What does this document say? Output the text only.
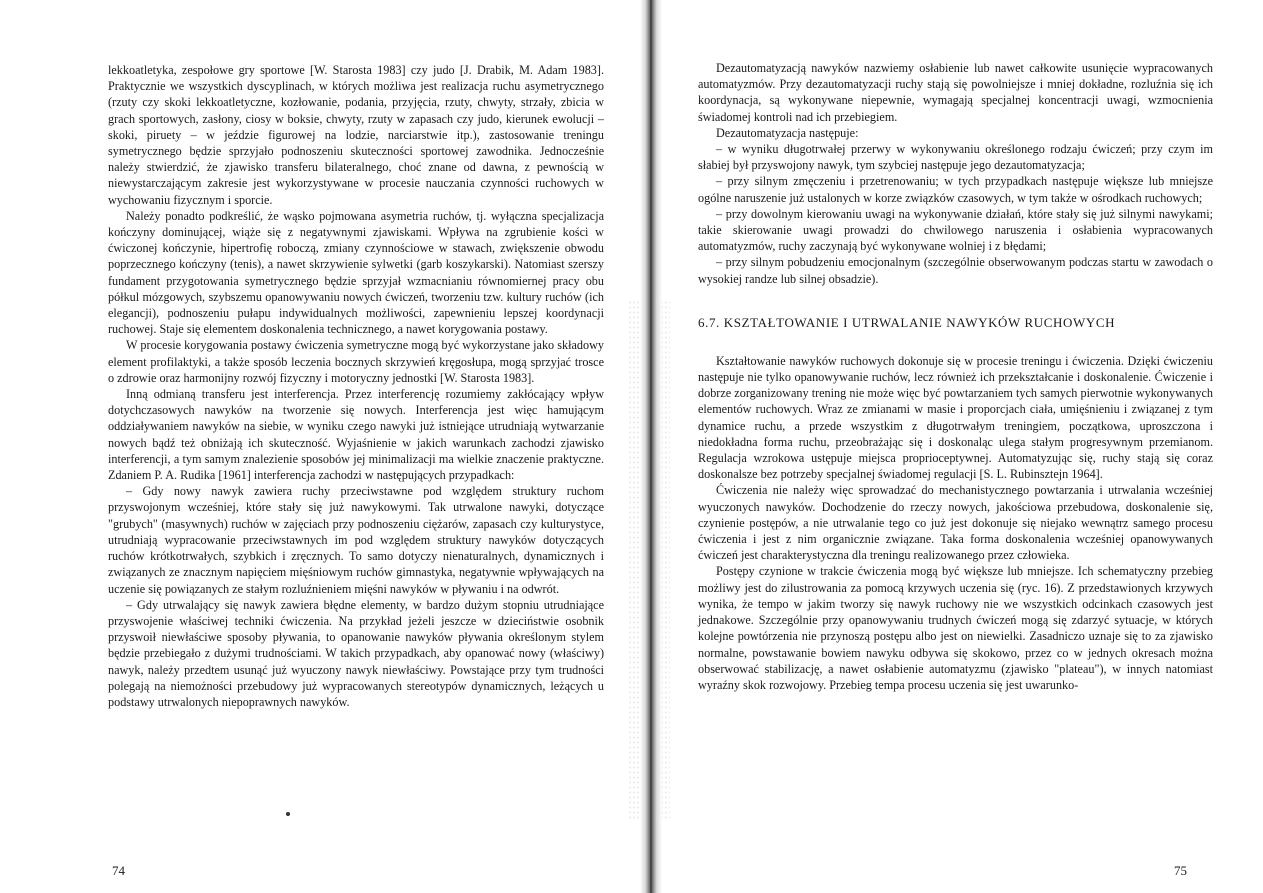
lekkoatletyka, zespołowe gry sportowe [W. Starosta 1983] czy judo [J. Drabik, M. Adam 1983]. Praktycznie we wszystkich dyscyplinach, w których możliwa jest realizacja ruchu asymetrycznego (rzuty czy skoki lekkoatletyczne, kozłowanie, podania, przyjęcia, rzuty, chwyty, strzały, zbicia w grach sportowych, zasłony, ciosy w boksie, chwyty, rzuty w zapasach czy judo, kierunek ewolucji – skoki, piruety – w jeździe figurowej na lodzie, narciarstwie itp.), zastosowanie treningu symetrycznego będzie sprzyjało podnoszeniu skuteczności sportowej zawodnika. Jednocześnie należy stwierdzić, że zjawisko transferu bilateralnego, choć znane od dawna, z pewnością w niewystarczającym zakresie jest wykorzystywane w procesie nauczania czynności ruchowych w wychowaniu fizycznym i sporcie.

Należy ponadto podkreślić, że wąsko pojmowana asymetria ruchów, tj. wyłączna specjalizacja kończyny dominującej, wiąże się z negatywnymi zjawiskami. Wpływa na zgrubienie kości w ćwiczonej kończynie, hipertrofię roboczą, zmiany czynnościowe w stawach, zwiększenie obwodu poprzecznego kończyny (tenis), a nawet skrzywienie sylwetki (garb koszykarski). Natomiast szerszy fundament przygotowania symetrycznego będzie sprzyjał wzmacnianiu równomiernej pracy obu półkul mózgowych, szybszemu opanowywaniu nowych ćwiczeń, tworzeniu tzw. kultury ruchów (ich elegancji), podnoszeniu pułapu indywidualnych możliwości, zapewnieniu lepszej koordynacji ruchowej. Staje się elementem doskonalenia technicznego, a nawet korygowania postawy.

W procesie korygowania postawy ćwiczenia symetryczne mogą być wykorzystane jako składowy element profilaktyki, a także sposób leczenia bocznych skrzywień kręgosłupa, mogą sprzyjać trosce o zdrowie oraz harmonijny rozwój fizyczny i motoryczny jednostki [W. Starosta 1983].

Inną odmianą transferu jest interferencja. Przez interferencję rozumiemy zakłócający wpływ dotychczasowych nawyków na tworzenie się nowych. Interferencja jest więc hamującym oddziaływaniem nawyków na siebie, w wyniku czego nawyki już istniejące utrudniają wytwarzanie nowych bądź też obniżają ich skuteczność. Wyjaśnienie w jakich warunkach zachodzi zjawisko interferencji, a tym samym znalezienie sposobów jej minimalizacji ma wielkie znaczenie praktyczne. Zdaniem P. A. Rudika [1961] interferencja zachodzi w następujących przypadkach:

– Gdy nowy nawyk zawiera ruchy przeciwstawne pod względem struktury ruchom przyswojonym wcześniej, które stały się już nawykowymi. Tak utrwalone nawyki, dotyczące "grubych" (masywnych) ruchów w zajęciach przy podnoszeniu ciężarów, zapasach czy kulturystyce, utrudniają wypracowanie przeciwstawnych im pod względem struktury nawyków dotyczących ruchów krótkotrwałych, szybkich i zręcznych. To samo dotyczy nienaturalnych, dynamicznych i związanych ze znacznym napięciem mięśniowym ruchów gimnastyka, negatywnie wpływających na uczenie się powiązanych ze stałym rozluźnieniem mięśni nawyków w pływaniu i na odwrót.

– Gdy utrwalający się nawyk zawiera błędne elementy, w bardzo dużym stopniu utrudniające przyswojenie właściwej techniki ćwiczenia. Na przykład jeżeli jeszcze w dzieciństwie osobnik przyswoił niewłaściwe sposoby pływania, to opanowanie nawyków pływania określonym stylem będzie przebiegało z dużymi trudnościami. W takich przypadkach, aby opanować nowy (właściwy) nawyk, należy przedtem usunąć już wyuczony nawyk niewłaściwy. Powstające przy tym trudności polegają na niemożności przebudowy już wypracowanych stereotypów dynamicznych, leżących u podstawy utrwalonych niepoprawnych nawyków.

74

Dezautomatyzacją nawyków nazwiemy osłabienie lub nawet całkowite usunięcie wypracowanych automatyzmów. Przy dezautomatyzacji ruchy stają się powolniejsze i mniej dokładne, rozluźnia się ich koordynacja, są wykonywane niepewnie, wymagają specjalnej koncentracji uwagi, wzmocnienia świadomej kontroli nad ich przebiegiem.

Dezautomatyzacja następuje:

– w wyniku długotrwałej przerwy w wykonywaniu określonego rodzaju ćwiczeń; przy czym im słabiej był przyswojony nawyk, tym szybciej następuje jego dezautomatyzacja;

– przy silnym zmęczeniu i przetrenowaniu; w tych przypadkach następuje większe lub mniejsze ogólne naruszenie już ustalonych w korze związków czasowych, w tym także w ośrodkach ruchowych;

– przy dowolnym kierowaniu uwagi na wykonywanie działań, które stały się już silnymi nawykami; takie skierowanie uwagi prowadzi do chwilowego naruszenia i osłabienia wypracowanych automatyzmów, ruchy zaczynają być wykonywane wolniej i z błędami;

– przy silnym pobudzeniu emocjonalnym (szczególnie obserwowanym podczas startu w zawodach o wysokiej randze lub silnej obsadzie).

6.7. KSZTAŁTOWANIE I UTRWALANIE NAWYKÓW RUCHOWYCH

Kształtowanie nawyków ruchowych dokonuje się w procesie treningu i ćwiczenia. Dzięki ćwiczeniu następuje nie tylko opanowywanie ruchów, lecz również ich przekształcanie i doskonalenie. Ćwiczenie i dobrze zorganizowany trening nie może więc być powtarzaniem tych samych pierwotnie wykonywanych elementów ruchowych. Wraz ze zmianami w masie i proporcjach ciała, umięśnieniu i związanej z tym dynamice ruchu, a przede wszystkim z długotrwałym treningiem, początkowa, uproszczona i niedokładna forma ruchu, przeobrażając się i doskonaląc ulega stałym progresywnym przemianom. Regulacja wzrokowa ustępuje miejsca proprioceptywnej. Automatyzując się, ruchy stają się coraz doskonalsze bez potrzeby specjalnej świadomej regulacji [S. L. Rubinsztejn 1964].

Ćwiczenia nie należy więc sprowadzać do mechanistycznego powtarzania i utrwalania wcześniej wyuczonych nawyków. Dochodzenie do rzeczy nowych, jakościowa przebudowa, doskonalenie się, czynienie postępów, a nie utrwalanie tego co już jest dokonuje się niejako wewnątrz samego procesu ćwiczenia i jest z nim organicznie związane. Taka forma doskonalenia wcześniej opanowywanych ćwiczeń jest charakterystyczna dla treningu realizowanego przez człowieka.

Postępy czynione w trakcie ćwiczenia mogą być większe lub mniejsze. Ich schematyczny przebieg możliwy jest do zilustrowania za pomocą krzywych uczenia się (ryc. 16). Z przedstawionych krzywych wynika, że tempo w jakim tworzy się nawyk ruchowy nie we wszystkich odcinkach czasowych jest jednakowe. Szczególnie przy opanowywaniu trudnych ćwiczeń mogą się zdarzyć sytuacje, w których kolejne powtórzenia nie przynoszą postępu albo jest on niewielki. Zasadniczo uznaje się to za zjawisko normalne, powstawanie bowiem nawyku odbywa się skokowo, przez co w jednych okresach można obserwować stabilizację, a nawet osłabienie automatyzmu (zjawisko "plateau"), w innych natomiast wyraźny skok rozwojowy. Przebieg tempa procesu uczenia się jest uwarunko-

75
